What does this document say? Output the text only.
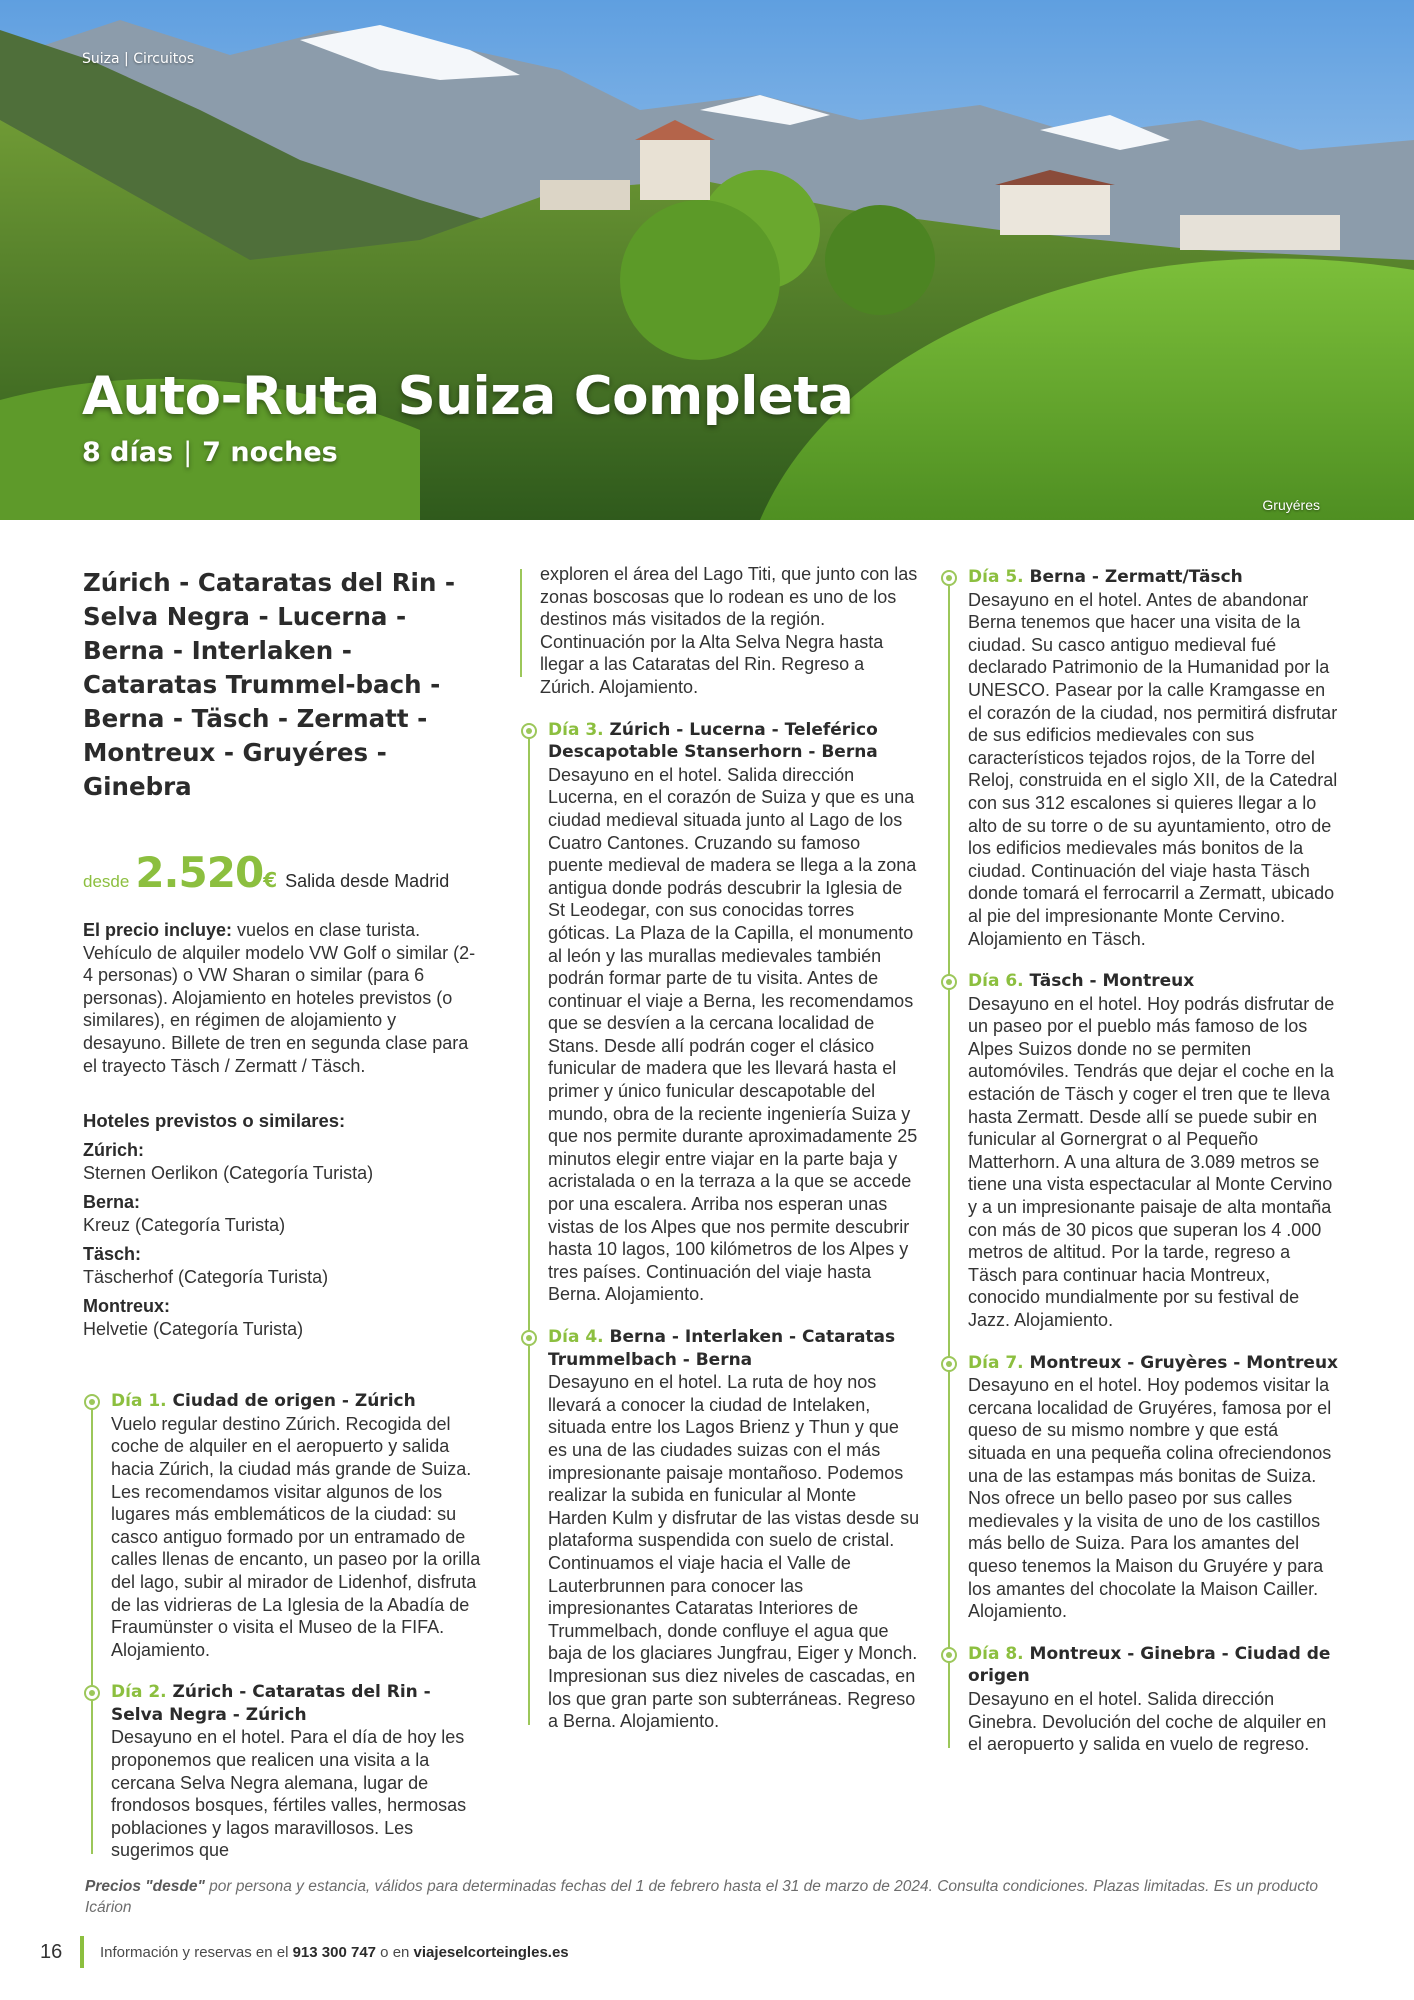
Suiza | Circuitos
Auto-Ruta Suiza Completa
8 días | 7 noches
Gruyéres
Zúrich - Cataratas del Rin - Selva Negra - Lucerna - Berna - Interlaken - Cataratas Trummel-bach - Berna - Täsch - Zermatt - Montreux - Gruyéres - Ginebra
desde 2.520 € Salida desde Madrid

El precio incluye: vuelos en clase turista. Vehículo de alquiler modelo VW Golf o similar (2-4 personas) o VW Sharan o similar (para 6 personas). Alojamiento en hoteles previstos (o similares), en régimen de alojamiento y desayuno. Billete de tren en segunda clase para el trayecto Täsch / Zermatt / Täsch.

Hoteles previstos o similares:
Zúrich:
Sternen Oerlikon (Categoría Turista)
Berna:
Kreuz (Categoría Turista)
Täsch:
Täscherhof (Categoría Turista)
Montreux:
Helvetie (Categoría Turista)
Día 1. Ciudad de origen - Zúrich

Vuelo regular destino Zúrich. Recogida del coche de alquiler en el aeropuerto y salida hacia Zúrich, la ciudad más grande de Suiza. Les recomendamos visitar algunos de los lugares más emblemáticos de la ciudad: su casco antiguo formado por un entramado de calles llenas de encanto, un paseo por la orilla del lago, subir al mirador de Lidenhof, disfruta de las vidrieras de La Iglesia de la Abadía de Fraumünster o visita el Museo de la FIFA. Alojamiento.

Día 2. Zúrich - Cataratas del Rin - Selva Negra - Zúrich

Desayuno en el hotel. Para el día de hoy les proponemos que realicen una visita a la cercana Selva Negra alemana, lugar de frondosos bosques, fértiles valles, hermosas poblaciones y lagos maravillosos. Les sugerimos que

exploren el área del Lago Titi, que junto con las zonas boscosas que lo rodean es uno de los destinos más visitados de la región. Continuación por la Alta Selva Negra hasta llegar a las Cataratas del Rin. Regreso a Zúrich. Alojamiento.

Día 3. Zúrich - Lucerna - Teleférico Descapotable Stanserhorn - Berna

Desayuno en el hotel. Salida dirección Lucerna, en el corazón de Suiza y que es una ciudad medieval situada junto al Lago de los Cuatro Cantones. Cruzando su famoso puente medieval de madera se llega a la zona antigua donde podrás descubrir la Iglesia de St Leodegar, con sus conocidas torres góticas. La Plaza de la Capilla, el monumento al león y las murallas medievales también podrán formar parte de tu visita. Antes de continuar el viaje a Berna, les recomendamos que se desvíen a la cercana localidad de Stans. Desde allí podrán coger el clásico funicular de madera que les llevará hasta el primer y único funicular descapotable del mundo, obra de la reciente ingeniería Suiza y que nos permite durante aproximadamente 25 minutos elegir entre viajar en la parte baja y acristalada o en la terraza a la que se accede por una escalera. Arriba nos esperan unas vistas de los Alpes que nos permite descubrir hasta 10 lagos, 100 kilómetros de los Alpes y tres países. Continuación del viaje hasta Berna. Alojamiento.

Día 4. Berna - Interlaken - Cataratas Trummelbach - Berna

Desayuno en el hotel. La ruta de hoy nos llevará a conocer la ciudad de Intelaken, situada entre los Lagos Brienz y Thun y que es una de las ciudades suizas con el más impresionante paisaje montañoso. Podemos realizar la subida en funicular al Monte Harden Kulm y disfrutar de las vistas desde su plataforma suspendida con suelo de cristal. Continuamos el viaje hacia el Valle de Lauterbrunnen para conocer las impresionantes Cataratas Interiores de Trummelbach, donde confluye el agua que baja de los glaciares Jungfrau, Eiger y Monch. Impresionan sus diez niveles de cascadas, en los que gran parte son subterráneas. Regreso a Berna. Alojamiento.

Día 5. Berna - Zermatt/Täsch

Desayuno en el hotel. Antes de abandonar Berna tenemos que hacer una visita de la ciudad. Su casco antiguo medieval fué declarado Patrimonio de la Humanidad por la UNESCO. Pasear por la calle Kramgasse en el corazón de la ciudad, nos permitirá disfrutar de sus edificios medievales con sus característicos tejados rojos, de la Torre del Reloj, construida en el siglo XII, de la Catedral con sus 312 escalones si quieres llegar a lo alto de su torre o de su ayuntamiento, otro de los edificios medievales más bonitos de la ciudad. Continuación del viaje hasta Täsch donde tomará el ferrocarril a Zermatt, ubicado al pie del impresionante Monte Cervino. Alojamiento en Täsch.

Día 6. Täsch - Montreux

Desayuno en el hotel. Hoy podrás disfrutar de un paseo por el pueblo más famoso de los Alpes Suizos donde no se permiten automóviles. Tendrás que dejar el coche en la estación de Täsch y coger el tren que te lleva hasta Zermatt. Desde allí se puede subir en funicular al Gornergrat o al Pequeño Matterhorn. A una altura de 3.089 metros se tiene una vista espectacular al Monte Cervino y a un impresionante paisaje de alta montaña con más de 30 picos que superan los 4 .000 metros de altitud. Por la tarde, regreso a Täsch para continuar hacia Montreux, conocido mundialmente por su festival de Jazz. Alojamiento.

Día 7. Montreux - Gruyères - Montreux

Desayuno en el hotel. Hoy podemos visitar la cercana localidad de Gruyéres, famosa por el queso de su mismo nombre y que está situada en una pequeña colina ofreciendonos una de las estampas más bonitas de Suiza. Nos ofrece un bello paseo por sus calles medievales y la visita de uno de los castillos más bello de Suiza. Para los amantes del queso tenemos la Maison du Gruyére y para los amantes del chocolate la Maison Cailler. Alojamiento.

Día 8. Montreux - Ginebra - Ciudad de origen

Desayuno en el hotel. Salida dirección Ginebra. Devolución del coche de alquiler en el aeropuerto y salida en vuelo de regreso.

Precios "desde" por persona y estancia, válidos para determinadas fechas del 1 de febrero hasta el 31 de marzo de 2024. Consulta condiciones. Plazas limitadas. Es un producto Icárion

16	Información y reservas en el 913 300 747 o en viajeselcorteingles.es
